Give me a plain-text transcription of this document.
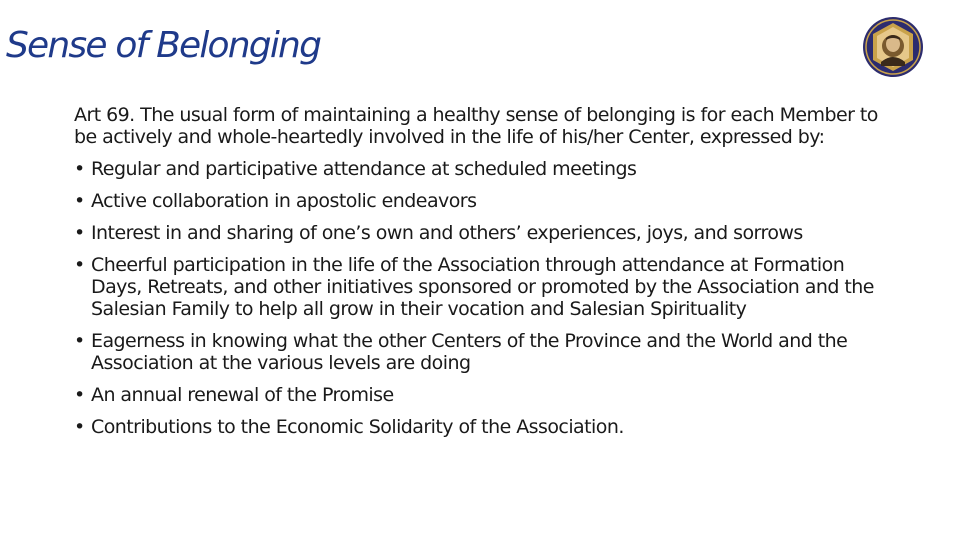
Sense of Belonging

Art 69. The usual form of maintaining a healthy sense of belonging is for each Member to be actively and whole-heartedly involved in the life of his/her Center, expressed by:

• Regular and participative attendance at scheduled meetings
• Active collaboration in apostolic endeavors
• Interest in and sharing of one’s own and others’ experiences, joys, and sorrows
• Cheerful participation in the life of the Association through attendance at Formation Days, Retreats, and other initiatives sponsored or promoted by the Association and the Salesian Family to help all grow in their vocation and Salesian Spirituality
• Eagerness in knowing what the other Centers of the Province and the World and the Association at the various levels are doing
• An annual renewal of the Promise
• Contributions to the Economic Solidarity of the Association.
